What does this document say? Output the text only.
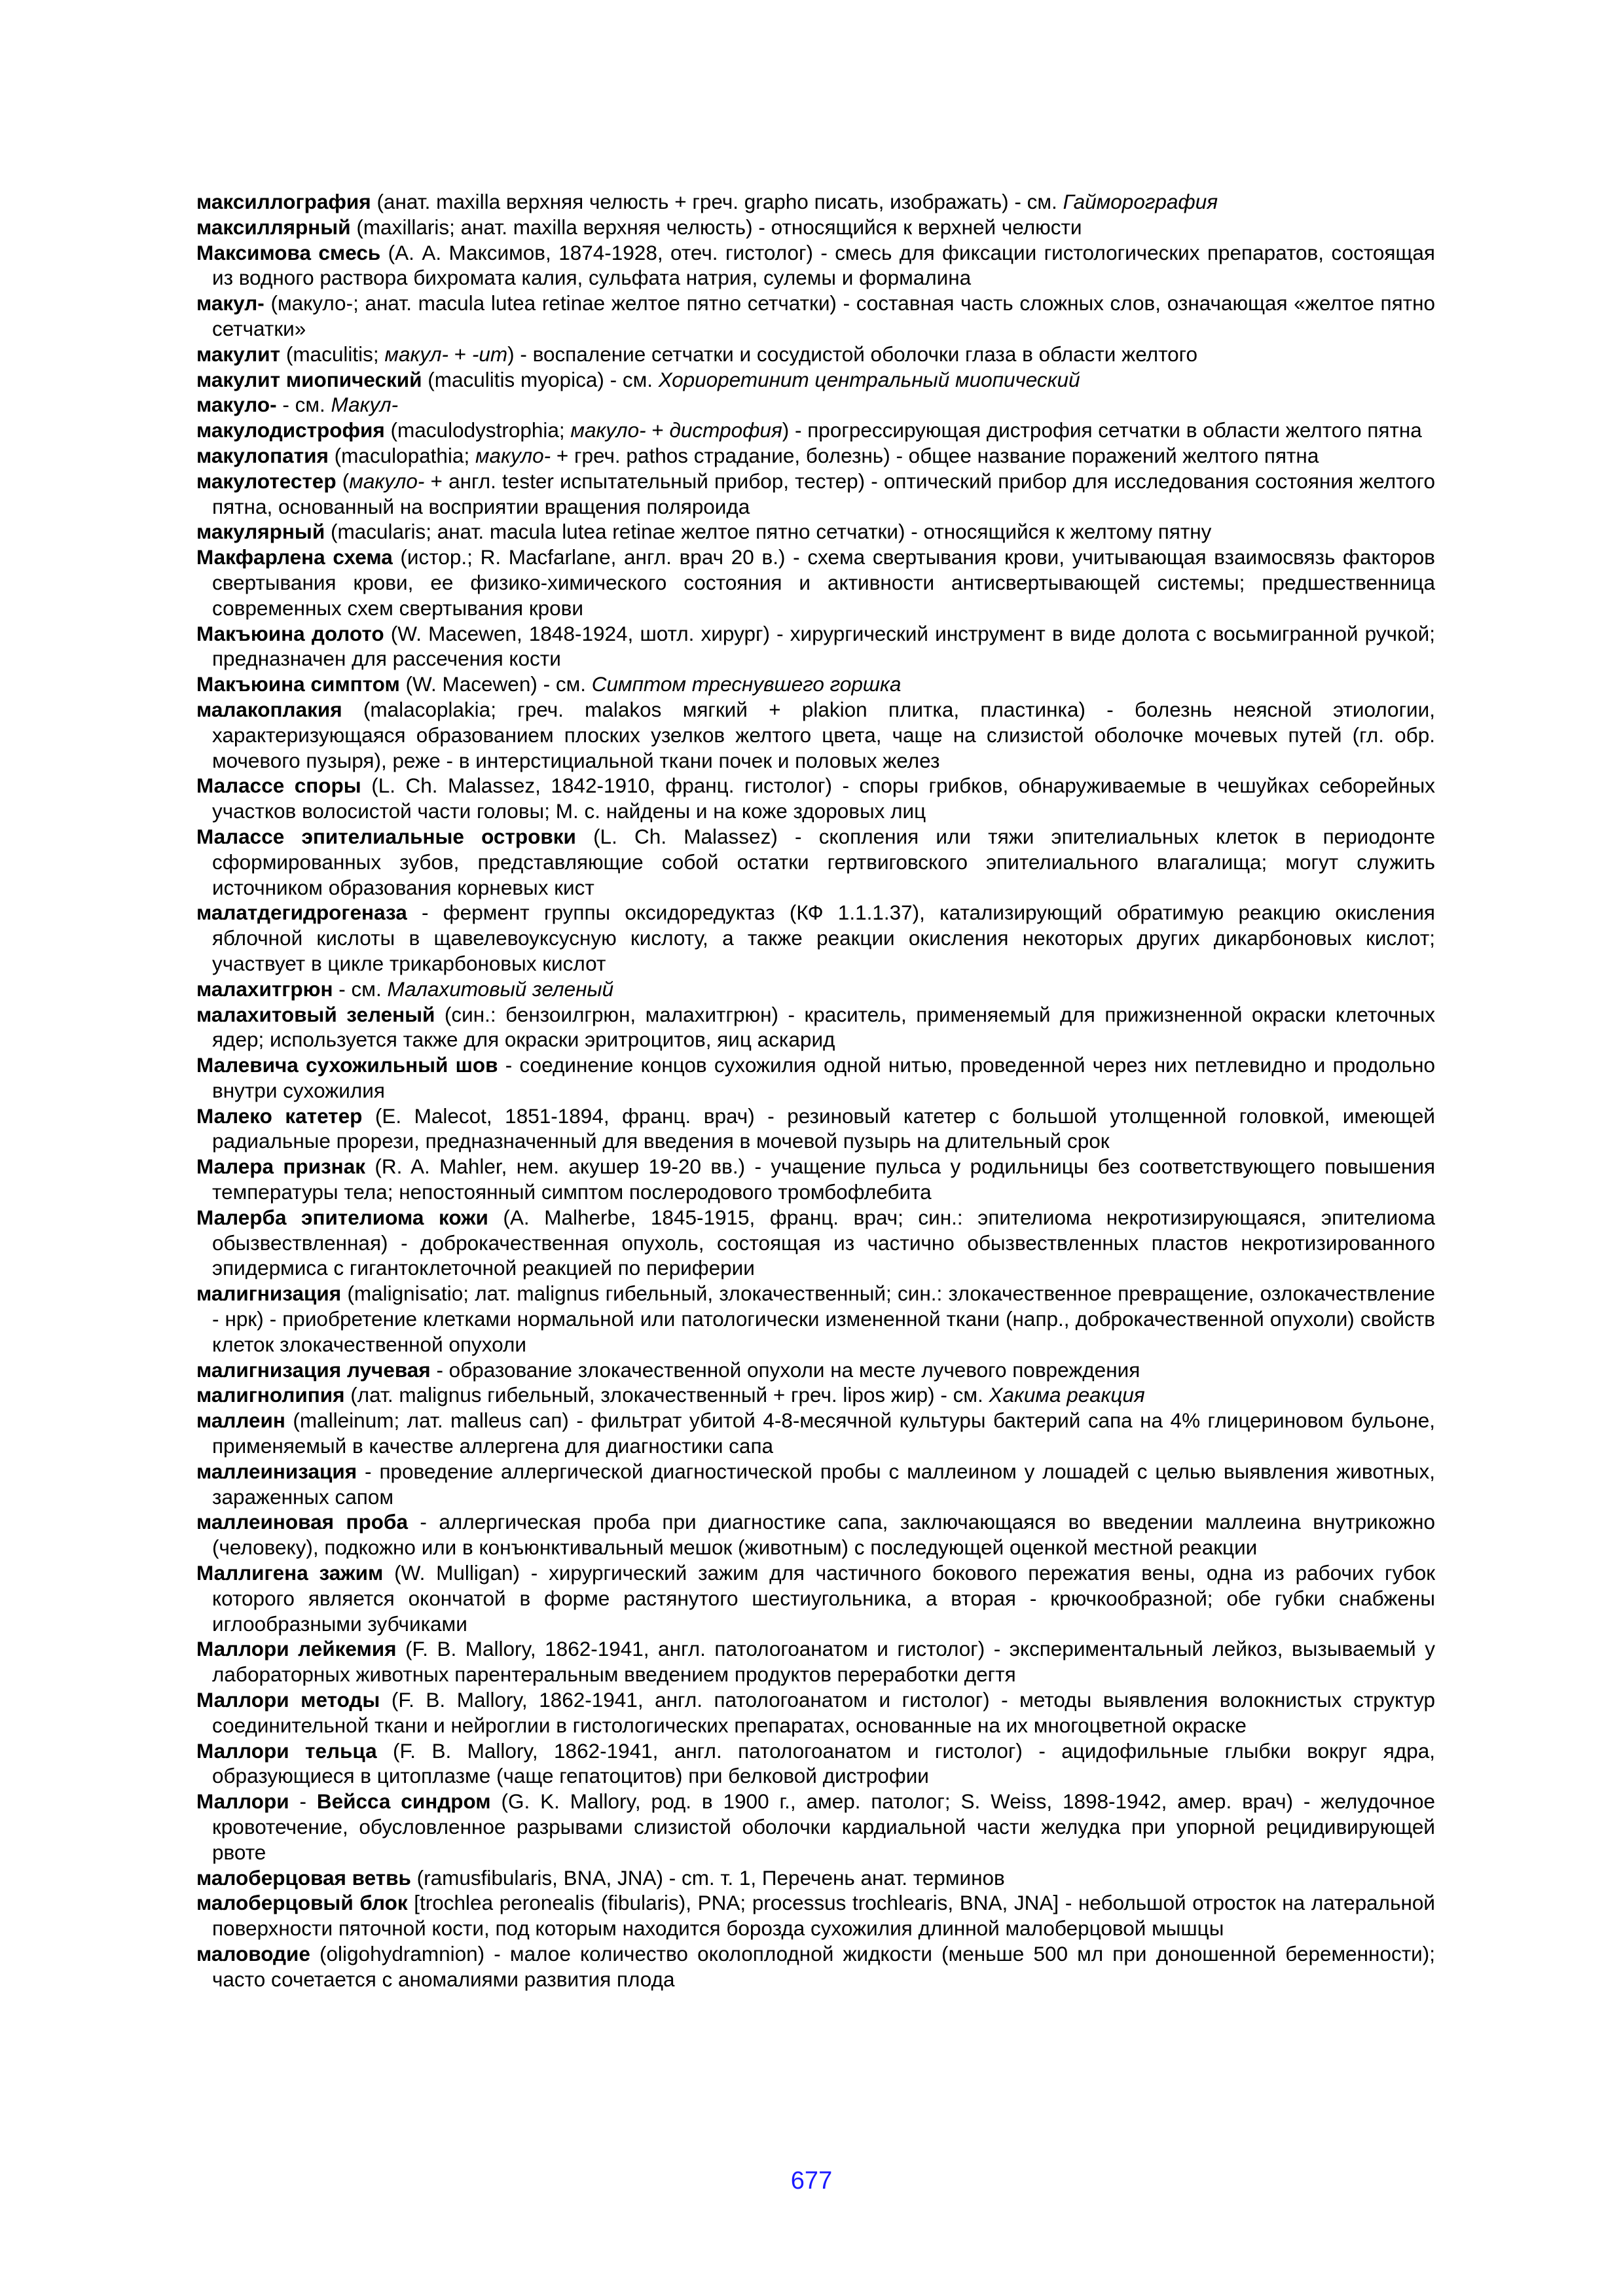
максиллография (анат. maxilla верхняя челюсть + греч. grapho писать, изображать) - см. Гайморография

максиллярный (maxillaris; анат. maxilla верхняя челюсть) - относящийся к верхней челюсти

Максимова смесь (А. А. Максимов, 1874-1928, отеч. гистолог) - смесь для фиксации гистологических препаратов, состоящая из водного раствора бихромата калия, сульфата натрия, сулемы и формалина

макул- (макуло-; анат. macula lutea retinae желтое пятно сетчатки) - составная часть сложных слов, означающая «желтое пятно сетчатки»

макулит (maculitis; макул- + -ит) - воспаление сетчатки и сосудистой оболочки глаза в области желтого

макулит миопический (maculitis myopica) - см. Хориоретинит центральный миопический

макуло- - см. Макул-

макулодистрофия (maculodystrophia; макуло- + дистрофия) - прогрессирующая дистрофия сетчатки в области желтого пятна

макулопатия (maculopathia; макуло- + греч. pathos страдание, болезнь) - общее название поражений желтого пятна

макулотестер (макуло- + англ. tester испытательный прибор, тестер) - оптический прибор для исследования состояния желтого пятна, основанный на восприятии вращения поляроида

макулярный (macularis; анат. macula lutea retinae желтое пятно сетчатки) - относящийся к желтому пятну

Макфарлена схема (истор.; R. Macfarlane, англ. врач 20 в.) - схема свертывания крови, учитывающая взаимосвязь факторов свертывания крови, ее физико-химического состояния и активности антисвертывающей системы; предшественница современных схем свертывания крови

Макъюина долото (W. Macewen, 1848-1924, шотл. хирург) - хирургический инструмент в виде долота с восьмигранной ручкой; предназначен для рассечения кости

Макъюина симптом (W. Macewen) - см. Симптом треснувшего горшка

малакоплакия (malacoplakia; греч. malakos мягкий + plakion плитка, пластинка) - болезнь неясной этиологии, характеризующаяся образованием плоских узелков желтого цвета, чаще на слизистой оболочке мочевых путей (гл. обр. мочевого пузыря), реже - в интерстициальной ткани почек и половых желез

Малассе споры (L. Ch. Malassez, 1842-1910, франц. гистолог) - споры грибков, обнаруживаемые в чешуйках себорейных участков волосистой части головы; М. с. найдены и на коже здоровых лиц

Малассе эпителиальные островки (L. Ch. Malassez) - скопления или тяжи эпителиальных клеток в периодонте сформированных зубов, представляющие собой остатки гертвиговского эпителиального влагалища; могут служить источником образования корневых кист

малатдегидрогеназа - фермент группы оксидоредуктаз (КФ 1.1.1.37), катализирующий обратимую реакцию окисления яблочной кислоты в щавелевоуксусную кислоту, а также реакции окисления некоторых других дикарбоновых кислот; участвует в цикле трикарбоновых кислот

малахитгрюн - см. Малахитовый зеленый

малахитовый зеленый (син.: бензоилгрюн, малахитгрюн) - краситель, применяемый для прижизненной окраски клеточных ядер; используется также для окраски эритроцитов, яиц аскарид

Малевича сухожильный шов - соединение концов сухожилия одной нитью, проведенной через них петлевидно и продольно внутри сухожилия

Малеко катетер (E. Malecot, 1851-1894, франц. врач) - резиновый катетер с большой утолщенной головкой, имеющей радиальные прорези, предназначенный для введения в мочевой пузырь на длительный срок

Малера признак (R. A. Mahler, нем. акушер 19-20 вв.) - учащение пульса у родильницы без соответствующего повышения температуры тела; непостоянный симптом послеродового тромбофлебита

Малерба эпителиома кожи (A. Malherbe, 1845-1915, франц. врач; син.: эпителиома некротизирующаяся, эпителиома обызвествленная) - доброкачественная опухоль, состоящая из частично обызвествленных пластов некротизированного эпидермиса с гигантоклеточной реакцией по периферии

малигнизация (malignisatio; лат. malignus гибельный, злокачественный; син.: злокачественное превращение, озлокачествление - нрк) - приобретение клетками нормальной или патологически измененной ткани (напр., доброкачественной опухоли) свойств клеток злокачественной опухоли

малигнизация лучевая - образование злокачественной опухоли на месте лучевого повреждения

малигнолипия (лат. malignus гибельный, злокачественный + греч. lipos жир) - см. Хакима реакция

маллеин (malleinum; лат. malleus сап) - фильтрат убитой 4-8-месячной культуры бактерий сапа на 4% глицериновом бульоне, применяемый в качестве аллергена для диагностики сапа

маллеинизация - проведение аллергической диагностической пробы с маллеином у лошадей с целью выявления животных, зараженных сапом

маллеиновая проба - аллергическая проба при диагностике сапа, заключающаяся во введении маллеина внутрикожно (человеку), подкожно или в конъюнктивальный мешок (животным) с последующей оценкой местной реакции

Маллигена зажим (W. Mulligan) - хирургический зажим для частичного бокового пережатия вены, одна из рабочих губок которого является окончатой в форме растянутого шестиугольника, а вторая - крючкообразной; обе губки снабжены иглообразными зубчиками

Маллори лейкемия (F. B. Mallory, 1862-1941, англ. патологоанатом и гистолог) - экспериментальный лейкоз, вызываемый у лабораторных животных парентеральным введением продуктов переработки дегтя

Маллори методы (F. B. Mallory, 1862-1941, англ. патологоанатом и гистолог) - методы выявления волокнистых структур соединительной ткани и нейроглии в гистологических препаратах, основанные на их многоцветной окраске

Маллори тельца (F. B. Mallory, 1862-1941, англ. патологоанатом и гистолог) - ацидофильные глыбки вокруг ядра, образующиеся в цитоплазме (чаще гепатоцитов) при белковой дистрофии

Маллори - Вейсса синдром (G. K. Mallory, род. в 1900 г., амер. патолог; S. Weiss, 1898-1942, амер. врач) - желудочное кровотечение, обусловленное разрывами слизистой оболочки кардиальной части желудка при упорной рецидивирующей рвоте

малоберцовая ветвь (ramusfibularis, BNA, JNA) - cm. т. 1, Перечень анат. терминов

малоберцовый блок [trochlea peronealis (fibularis), PNA; processus trochlearis, BNA, JNA] - небольшой отросток на латеральной поверхности пяточной кости, под которым находится борозда сухожилия длинной малоберцовой мышцы

маловодие (oligohydramnion) - малое количество околоплодной жидкости (меньше 500 мл при доношенной беременности); часто сочетается с аномалиями развития плода

677
